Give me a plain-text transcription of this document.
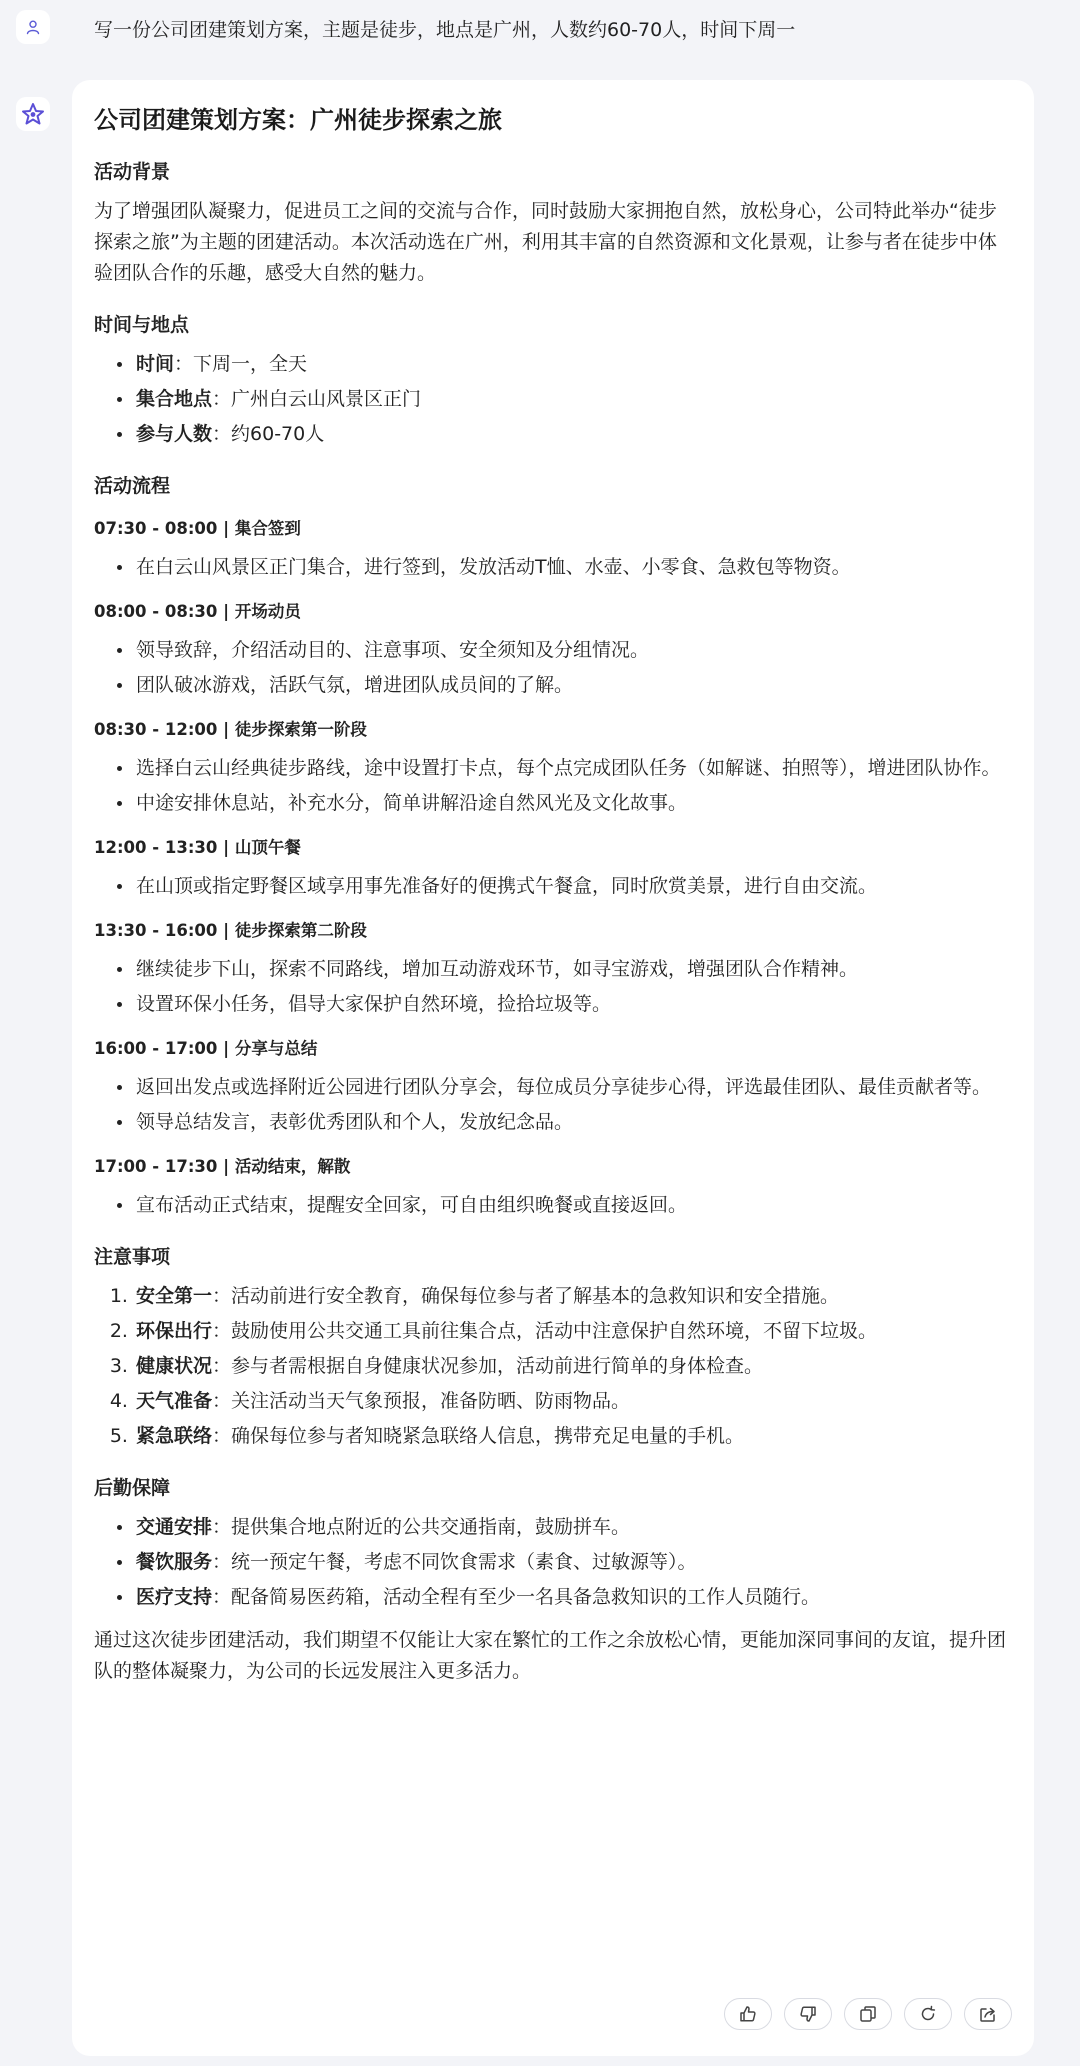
写一份公司团建策划方案，主题是徒步，地点是广州，人数约60-70人，时间下周一
公司团建策划方案：广州徒步探索之旅
活动背景
为了增强团队凝聚力，促进员工之间的交流与合作，同时鼓励大家拥抱自然，放松身心，公司特此举办“徒步探索之旅”为主题的团建活动。本次活动选在广州，利用其丰富的自然资源和文化景观，让参与者在徒步中体验团队合作的乐趣，感受大自然的魅力。
时间与地点
• 时间：下周一，全天
• 集合地点：广州白云山风景区正门
• 参与人数：约60-70人
活动流程
07:30 - 08:00 | 集合签到
• 在白云山风景区正门集合，进行签到，发放活动T恤、水壶、小零食、急救包等物资。
08:00 - 08:30 | 开场动员
• 领导致辞，介绍活动目的、注意事项、安全须知及分组情况。
• 团队破冰游戏，活跃气氛，增进团队成员间的了解。
08:30 - 12:00 | 徒步探索第一阶段
• 选择白云山经典徒步路线，途中设置打卡点，每个点完成团队任务（如解谜、拍照等），增进团队协作。
• 中途安排休息站，补充水分，简单讲解沿途自然风光及文化故事。
12:00 - 13:30 | 山顶午餐
• 在山顶或指定野餐区域享用事先准备好的便携式午餐盒，同时欣赏美景，进行自由交流。
13:30 - 16:00 | 徒步探索第二阶段
• 继续徒步下山，探索不同路线，增加互动游戏环节，如寻宝游戏，增强团队合作精神。
• 设置环保小任务，倡导大家保护自然环境，捡拾垃圾等。
16:00 - 17:00 | 分享与总结
• 返回出发点或选择附近公园进行团队分享会，每位成员分享徒步心得，评选最佳团队、最佳贡献者等。
• 领导总结发言，表彰优秀团队和个人，发放纪念品。
17:00 - 17:30 | 活动结束，解散
• 宣布活动正式结束，提醒安全回家，可自由组织晚餐或直接返回。
注意事项
1. 安全第一：活动前进行安全教育，确保每位参与者了解基本的急救知识和安全措施。
2. 环保出行：鼓励使用公共交通工具前往集合点，活动中注意保护自然环境，不留下垃圾。
3. 健康状况：参与者需根据自身健康状况参加，活动前进行简单的身体检查。
4. 天气准备：关注活动当天气象预报，准备防晒、防雨物品。
5. 紧急联络：确保每位参与者知晓紧急联络人信息，携带充足电量的手机。
后勤保障
• 交通安排：提供集合地点附近的公共交通指南，鼓励拼车。
• 餐饮服务：统一预定午餐，考虑不同饮食需求（素食、过敏源等）。
• 医疗支持：配备简易医药箱，活动全程有至少一名具备急救知识的工作人员随行。
通过这次徒步团建活动，我们期望不仅能让大家在繁忙的工作之余放松心情，更能加深同事间的友谊，提升团队的整体凝聚力，为公司的长远发展注入更多活力。
